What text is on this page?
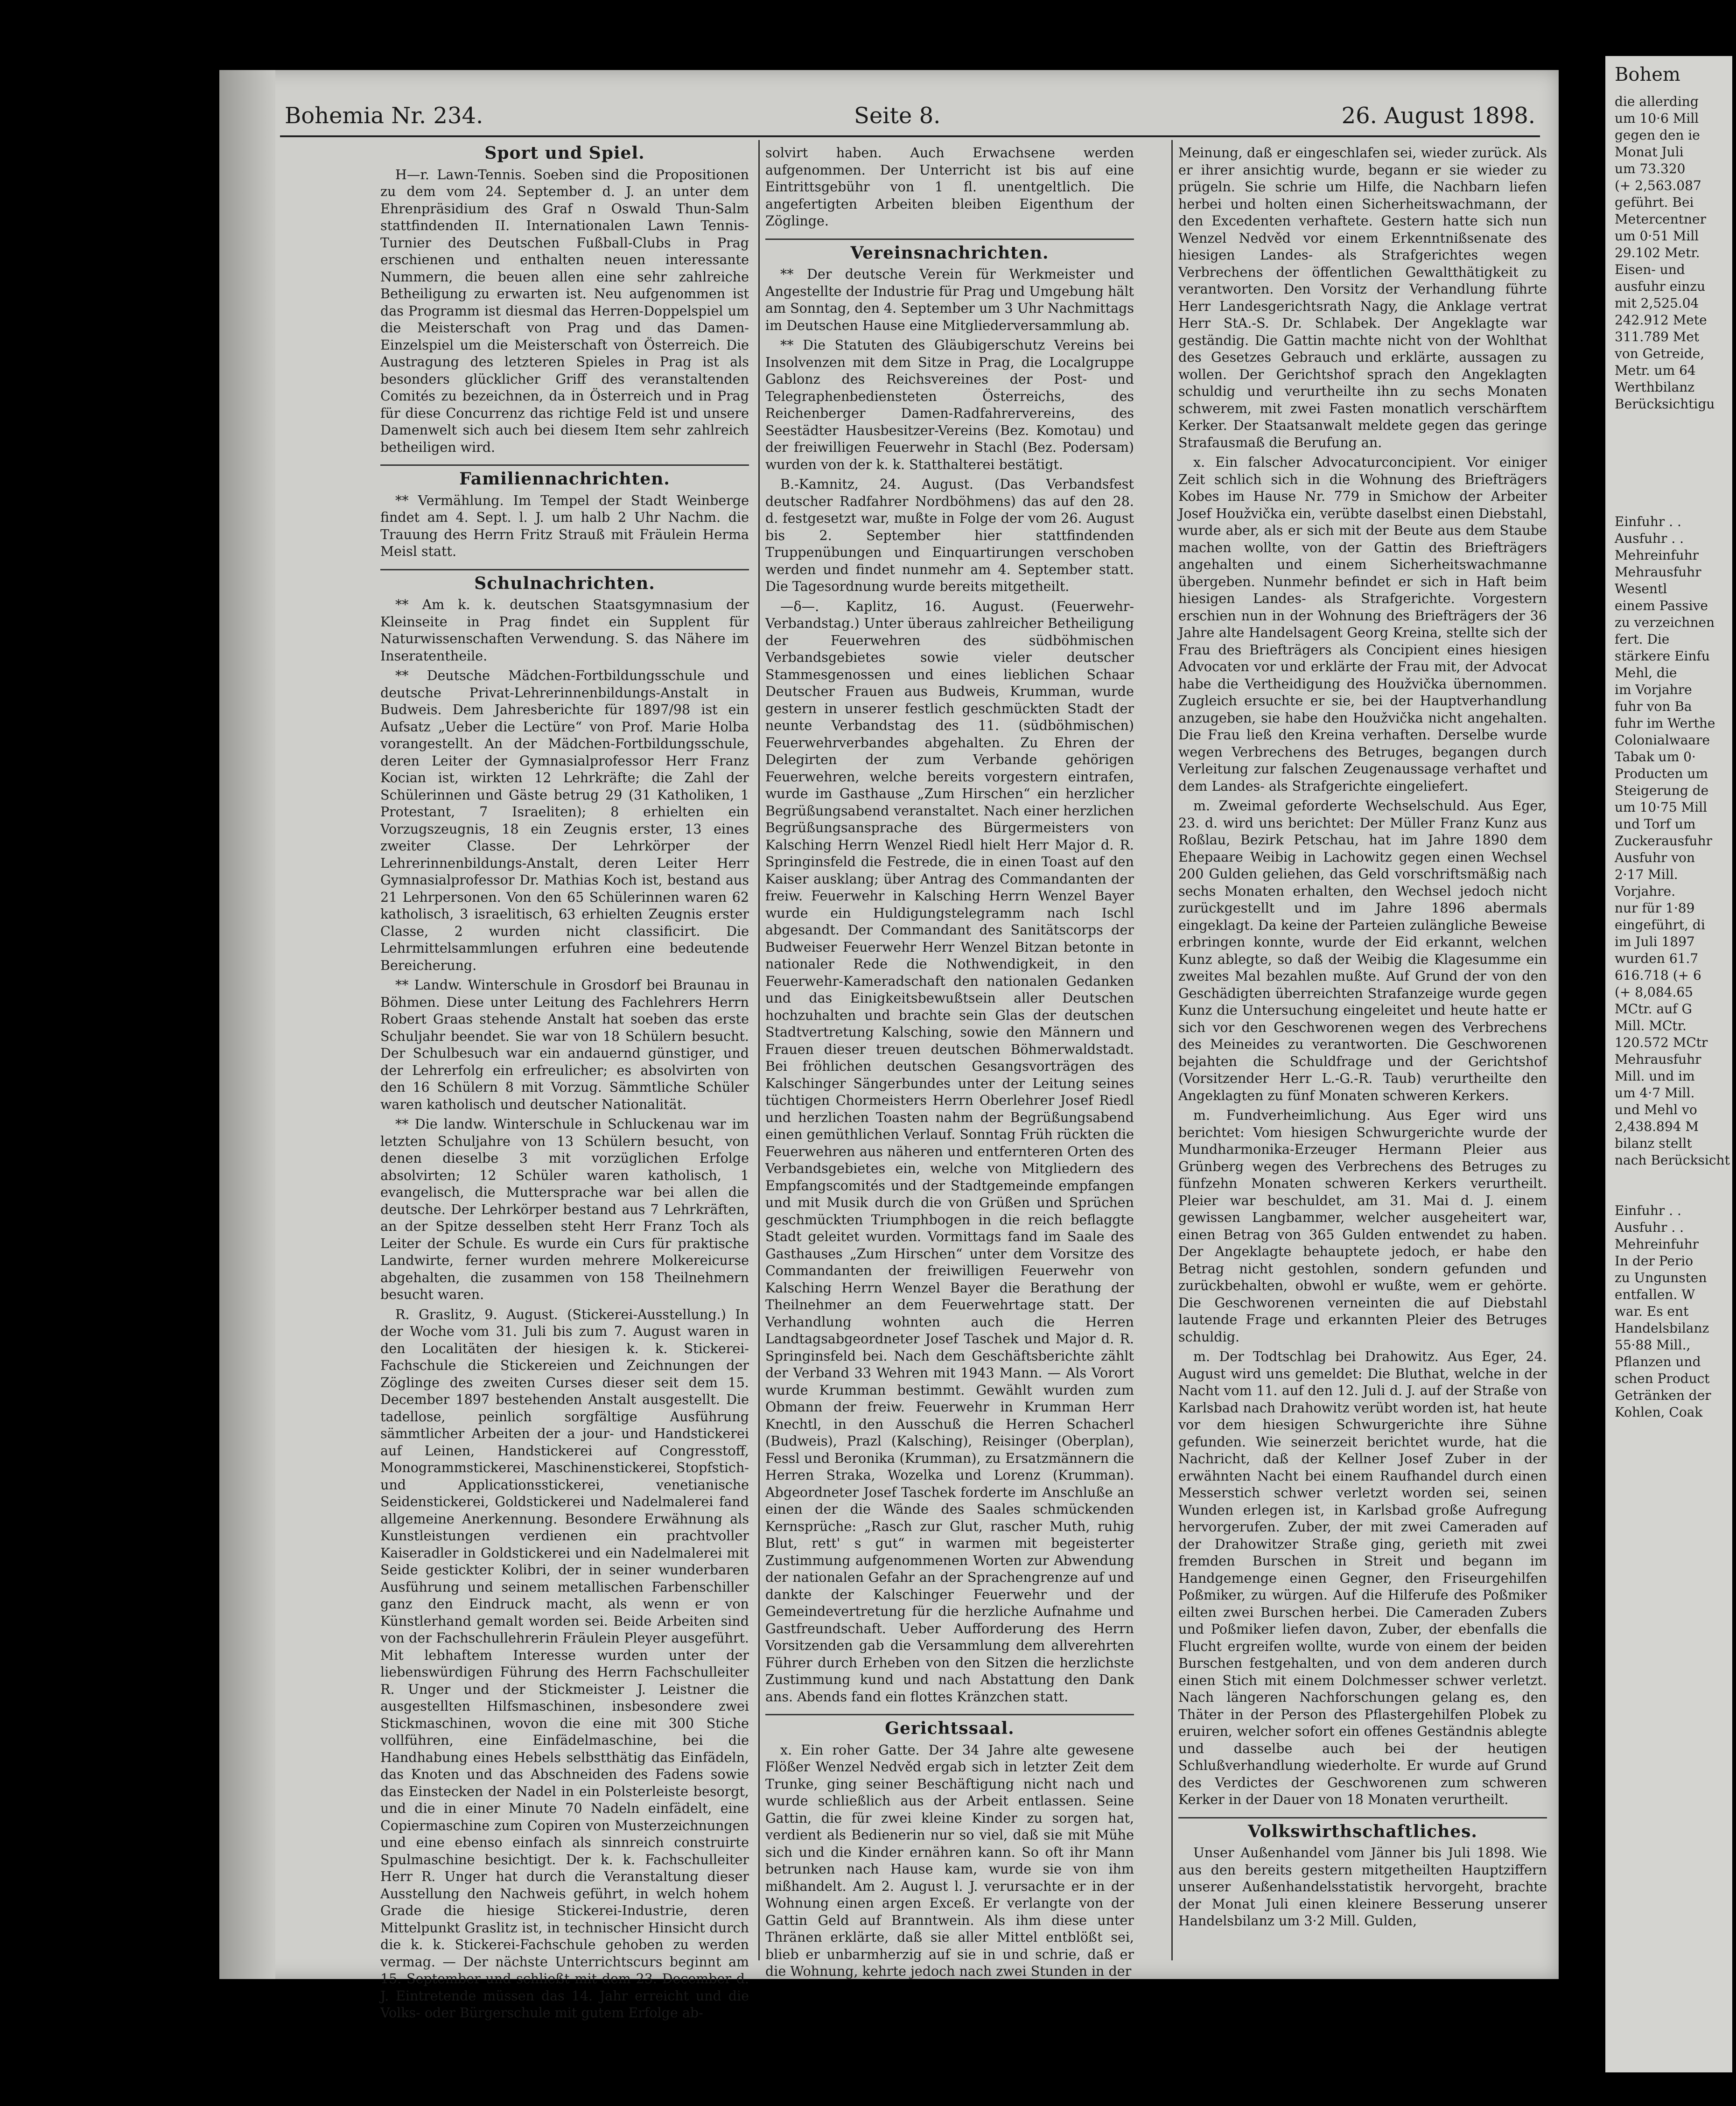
Bohemia Nr. 234.	Seite 8.	26. August 1898.
Sport und Spiel.

H—r. Lawn-Tennis. Soeben sind die Propositionen zu dem vom 24. September d. J. an unter dem Ehrenpräsidium des Graf n Oswald Thun-Salm stattfindenden II. Internationalen Lawn Tennis-Turnier des Deutschen Fußball-Clubs in Prag erschienen und enthalten neuen interessante Nummern, die beuen allen eine sehr zahlreiche Betheiligung zu erwarten ist. Neu aufgenommen ist das Programm ist diesmal das Herren-Doppelspiel um die Meisterschaft von Prag und das Damen-Einzelspiel um die Meisterschaft von Österreich. Die Austragung des letzteren Spieles in Prag ist als besonders glücklicher Griff des veranstaltenden Comités zu bezeichnen, da in Österreich und in Prag für diese Concurrenz das richtige Feld ist und unsere Damenwelt sich auch bei diesem Item sehr zahlreich betheiligen wird.

Familiennachrichten.

** Vermählung. Im Tempel der Stadt Weinberge findet am 4. Sept. l. J. um halb 2 Uhr Nachm. die Trauung des Herrn Fritz Strauß mit Fräulein Herma Meisl statt.

Schulnachrichten.

** Am k. k. deutschen Staatsgymnasium der Kleinseite in Prag findet ein Supplent für Naturwissenschaften Verwendung. S. das Nähere im Inseratentheile.

** Deutsche Mädchen-Fortbildungsschule und deutsche Privat-Lehrerinnenbildungs-Anstalt in Budweis. Dem Jahresberichte für 1897/98 ist ein Aufsatz „Ueber die Lectüre“ von Prof. Marie Holba vorangestellt. An der Mädchen-Fortbildungsschule, deren Leiter der Gymnasialprofessor Herr Franz Kocian ist, wirkten 12 Lehrkräfte; die Zahl der Schülerinnen und Gäste betrug 29 (31 Katholiken, 1 Protestant, 7 Israeliten); 8 erhielten ein Vorzugszeugnis, 18 ein Zeugnis erster, 13 eines zweiter Classe. Der Lehrkörper der Lehrerinnenbildungs-Anstalt, deren Leiter Herr Gymnasialprofessor Dr. Mathias Koch ist, bestand aus 21 Lehrpersonen. Von den 65 Schülerinnen waren 62 katholisch, 3 israelitisch, 63 erhielten Zeugnis erster Classe, 2 wurden nicht classificirt. Die Lehrmittelsammlungen erfuhren eine bedeutende Bereicherung.

** Landw. Winterschule in Grosdorf bei Braunau in Böhmen. Diese unter Leitung des Fachlehrers Herrn Robert Graas stehende Anstalt hat soeben das erste Schuljahr beendet. Sie war von 18 Schülern besucht. Der Schulbesuch war ein andauernd günstiger, und der Lehrerfolg ein erfreulicher; es absolvirten von den 16 Schülern 8 mit Vorzug. Sämmtliche Schüler waren katholisch und deutscher Nationalität.

** Die landw. Winterschule in Schluckenau war im letzten Schuljahre von 13 Schülern besucht, von denen dieselbe 3 mit vorzüglichen Erfolge absolvirten; 12 Schüler waren katholisch, 1 evangelisch, die Muttersprache war bei allen die deutsche. Der Lehrkörper bestand aus 7 Lehrkräften, an der Spitze desselben steht Herr Franz Toch als Leiter der Schule. Es wurde ein Curs für praktische Landwirte, ferner wurden mehrere Molkereicurse abgehalten, die zusammen von 158 Theilnehmern besucht waren.

R. Graslitz, 9. August. (Stickerei-Ausstellung.) In der Woche vom 31. Juli bis zum 7. August waren in den Localitäten der hiesigen k. k. Stickerei-Fachschule die Stickereien und Zeichnungen der Zöglinge des zweiten Curses dieser seit dem 15. December 1897 bestehenden Anstalt ausgestellt. Die tadellose, peinlich sorgfältige Ausführung sämmtlicher Arbeiten der a jour- und Handstickerei auf Leinen, Handstickerei auf Congresstoff, Monogrammstickerei, Maschinenstickerei, Stopfstich- und Applicationsstickerei, venetianische Seidenstickerei, Goldstickerei und Nadelmalerei fand allgemeine Anerkennung. Besondere Erwähnung als Kunstleistungen verdienen ein prachtvoller Kaiseradler in Goldstickerei und ein Nadelmalerei mit Seide gestickter Kolibri, der in seiner wunderbaren Ausführung und seinem metallischen Farbenschiller ganz den Eindruck macht, als wenn er von Künstlerhand gemalt worden sei. Beide Arbeiten sind von der Fachschullehrerin Fräulein Pleyer ausgeführt. Mit lebhaftem Interesse wurden unter der liebenswürdigen Führung des Herrn Fachschulleiter R. Unger und der Stickmeister J. Leistner die ausgestellten Hilfsmaschinen, insbesondere zwei Stickmaschinen, wovon die eine mit 300 Stiche vollführen, eine Einfädelmaschine, bei die Handhabung eines Hebels selbstthätig das Einfädeln, das Knoten und das Abschneiden des Fadens sowie das Einstecken der Nadel in ein Polsterleiste besorgt, und die in einer Minute 70 Nadeln einfädelt, eine Copiermaschine zum Copiren von Musterzeichnungen und eine ebenso einfach als sinnreich construirte Spulmaschine besichtigt. Der k. k. Fachschulleiter Herr R. Unger hat durch die Veranstaltung dieser Ausstellung den Nachweis geführt, in welch hohem Grade die hiesige Stickerei-Industrie, deren Mittelpunkt Graslitz ist, in technischer Hinsicht durch die k. k. Stickerei-Fachschule gehoben zu werden vermag. — Der nächste Unterrichtscurs beginnt am 15. September und schließt mit dem 23. December d. J. Eintretende müssen das 14. Jahr erreicht und die Volks- oder Bürgerschule mit gutem Erfolge ab-

solvirt haben. Auch Erwachsene werden aufgenommen. Der Unterricht ist bis auf eine Eintrittsgebühr von 1 fl. unentgeltlich. Die angefertigten Arbeiten bleiben Eigenthum der Zöglinge.

Vereinsnachrichten.

** Der deutsche Verein für Werkmeister und Angestellte der Industrie für Prag und Umgebung hält am Sonntag, den 4. September um 3 Uhr Nachmittags im Deutschen Hause eine Mitgliederversammlung ab.

** Die Statuten des Gläubigerschutz Vereins bei Insolvenzen mit dem Sitze in Prag, die Localgruppe Gablonz des Reichsvereines der Post- und Telegraphenbediensteten Österreichs, des Reichenberger Damen-Radfahrervereins, des Seestädter Hausbesitzer-Vereins (Bez. Komotau) und der freiwilligen Feuerwehr in Stachl (Bez. Podersam) wurden von der k. k. Statthalterei bestätigt.

B.-Kamnitz, 24. August. (Das Verbandsfest deutscher Radfahrer Nordböhmens) das auf den 28. d. festgesetzt war, mußte in Folge der vom 26. August bis 2. September hier stattfindenden Truppenübungen und Einquartirungen verschoben werden und findet nunmehr am 4. September statt. Die Tagesordnung wurde bereits mitgetheilt.

—δ—. Kaplitz, 16. August. (Feuerwehr-Verbandstag.) Unter überaus zahlreicher Betheiligung der Feuerwehren des südböhmischen Verbandsgebietes sowie vieler deutscher Stammesgenossen und eines lieblichen Schaar Deutscher Frauen aus Budweis, Krumman, wurde gestern in unserer festlich geschmückten Stadt der neunte Verbandstag des 11. (südböhmischen) Feuerwehrverbandes abgehalten. Zu Ehren der Delegirten der zum Verbande gehörigen Feuerwehren, welche bereits vorgestern eintrafen, wurde im Gasthause „Zum Hirschen“ ein herzlicher Begrüßungsabend veranstaltet. Nach einer herzlichen Begrüßungsansprache des Bürgermeisters von Kalsching Herrn Wenzel Riedl hielt Herr Major d. R. Springinsfeld die Festrede, die in einen Toast auf den Kaiser ausklang; über Antrag des Commandanten der freiw. Feuerwehr in Kalsching Herrn Wenzel Bayer wurde ein Huldigungstelegramm nach Ischl abgesandt. Der Commandant des Sanitätscorps der Budweiser Feuerwehr Herr Wenzel Bitzan betonte in nationaler Rede die Nothwendigkeit, in den Feuerwehr-Kameradschaft den nationalen Gedanken und das Einigkeitsbewußtsein aller Deutschen hochzuhalten und brachte sein Glas der deutschen Stadtvertretung Kalsching, sowie den Männern und Frauen dieser treuen deutschen Böhmerwaldstadt. Bei fröhlichen deutschen Gesangsvorträgen des Kalschinger Sängerbundes unter der Leitung seines tüchtigen Chormeisters Herrn Oberlehrer Josef Riedl und herzlichen Toasten nahm der Begrüßungsabend einen gemüthlichen Verlauf. Sonntag Früh rückten die Feuerwehren aus näheren und entfernteren Orten des Verbandsgebietes ein, welche von Mitgliedern des Empfangscomités und der Stadtgemeinde empfangen und mit Musik durch die von Grüßen und Sprüchen geschmückten Triumphbogen in die reich beflaggte Stadt geleitet wurden. Vormittags fand im Saale des Gasthauses „Zum Hirschen“ unter dem Vorsitze des Commandanten der freiwilligen Feuerwehr von Kalsching Herrn Wenzel Bayer die Berathung der Theilnehmer an dem Feuerwehrtage statt. Der Verhandlung wohnten auch die Herren Landtagsabgeordneter Josef Taschek und Major d. R. Springinsfeld bei. Nach dem Geschäftsberichte zählt der Verband 33 Wehren mit 1943 Mann. — Als Vorort wurde Krumman bestimmt. Gewählt wurden zum Obmann der freiw. Feuerwehr in Krumman Herr Knechtl, in den Ausschuß die Herren Schacherl (Budweis), Prazl (Kalsching), Reisinger (Oberplan), Fessl und Beronika (Krumman), zu Ersatzmännern die Herren Straka, Wozelka und Lorenz (Krumman). Abgeordneter Josef Taschek forderte im Anschluße an einen der die Wände des Saales schmückenden Kernsprüche: „Rasch zur Glut, rascher Muth, ruhig Blut, rett' s gut“ in warmen mit begeisterter Zustimmung aufgenommenen Worten zur Abwendung der nationalen Gefahr an der Sprachengrenze auf und dankte der Kalschinger Feuerwehr und der Gemeindevertretung für die herzliche Aufnahme und Gastfreundschaft. Ueber Aufforderung des Herrn Vorsitzenden gab die Versammlung dem allverehrten Führer durch Erheben von den Sitzen die herzlichste Zustimmung kund und nach Abstattung den Dank ans. Abends fand ein flottes Kränzchen statt.

Gerichtssaal.

x. Ein roher Gatte. Der 34 Jahre alte gewesene Flößer Wenzel Nedvěd ergab sich in letzter Zeit dem Trunke, ging seiner Beschäftigung nicht nach und wurde schließlich aus der Arbeit entlassen. Seine Gattin, die für zwei kleine Kinder zu sorgen hat, verdient als Bedienerin nur so viel, daß sie mit Mühe sich und die Kinder ernähren kann. So oft ihr Mann betrunken nach Hause kam, wurde sie von ihm mißhandelt. Am 2. August l. J. verursachte er in der Wohnung einen argen Exceß. Er verlangte von der Gattin Geld auf Branntwein. Als ihm diese unter Thränen erklärte, daß sie aller Mittel entblößt sei, blieb er unbarmherzig auf sie in und schrie, daß er die Wohnung, kehrte jedoch nach zwei Stunden in der

Meinung, daß er eingeschlafen sei, wieder zurück. Als er ihrer ansichtig wurde, begann er sie wieder zu prügeln. Sie schrie um Hilfe, die Nachbarn liefen herbei und holten einen Sicherheitswachmann, der den Excedenten verhaftete. Gestern hatte sich nun Wenzel Nedvěd vor einem Erkenntnißsenate des hiesigen Landes- als Strafgerichtes wegen Verbrechens der öffentlichen Gewaltthätigkeit zu verantworten. Den Vorsitz der Verhandlung führte Herr Landesgerichtsrath Nagy, die Anklage vertrat Herr StA.-S. Dr. Schlabek. Der Angeklagte war geständig. Die Gattin machte nicht von der Wohlthat des Gesetzes Gebrauch und erklärte, aussagen zu wollen. Der Gerichtshof sprach den Angeklagten schuldig und verurtheilte ihn zu sechs Monaten schwerem, mit zwei Fasten monatlich verschärftem Kerker. Der Staatsanwalt meldete gegen das geringe Strafausmaß die Berufung an.

x. Ein falscher Advocaturconcipient. Vor einiger Zeit schlich sich in die Wohnung des Briefträgers Kobes im Hause Nr. 779 in Smichow der Arbeiter Josef Houžvička ein, verübte daselbst einen Diebstahl, wurde aber, als er sich mit der Beute aus dem Staube machen wollte, von der Gattin des Briefträgers angehalten und einem Sicherheitswachmanne übergeben. Nunmehr befindet er sich in Haft beim hiesigen Landes- als Strafgerichte. Vorgestern erschien nun in der Wohnung des Briefträgers der 36 Jahre alte Handelsagent Georg Kreina, stellte sich der Frau des Briefträgers als Concipient eines hiesigen Advocaten vor und erklärte der Frau mit, der Advocat habe die Vertheidigung des Houžvička übernommen. Zugleich ersuchte er sie, bei der Hauptverhandlung anzugeben, sie habe den Houžvička nicht angehalten. Die Frau ließ den Kreina verhaften. Derselbe wurde wegen Verbrechens des Betruges, begangen durch Verleitung zur falschen Zeugenaussage verhaftet und dem Landes- als Strafgerichte eingeliefert.

m. Zweimal geforderte Wechselschuld. Aus Eger, 23. d. wird uns berichtet: Der Müller Franz Kunz aus Roßlau, Bezirk Petschau, hat im Jahre 1890 dem Ehepaare Weibig in Lachowitz gegen einen Wechsel 200 Gulden geliehen, das Geld vorschriftsmäßig nach sechs Monaten erhalten, den Wechsel jedoch nicht zurückgestellt und im Jahre 1896 abermals eingeklagt. Da keine der Parteien zulängliche Beweise erbringen konnte, wurde der Eid erkannt, welchen Kunz ablegte, so daß der Weibig die Klagesumme ein zweites Mal bezahlen mußte. Auf Grund der von den Geschädigten überreichten Strafanzeige wurde gegen Kunz die Untersuchung eingeleitet und heute hatte er sich vor den Geschworenen wegen des Verbrechens des Meineides zu verantworten. Die Geschworenen bejahten die Schuldfrage und der Gerichtshof (Vorsitzender Herr L.-G.-R. Taub) verurtheilte den Angeklagten zu fünf Monaten schweren Kerkers.

m. Fundverheimlichung. Aus Eger wird uns berichtet: Vom hiesigen Schwurgerichte wurde der Mundharmonika-Erzeuger Hermann Pleier aus Grünberg wegen des Verbrechens des Betruges zu fünfzehn Monaten schweren Kerkers verurtheilt. Pleier war beschuldet, am 31. Mai d. J. einem gewissen Langbammer, welcher ausgeheitert war, einen Betrag von 365 Gulden entwendet zu haben. Der Angeklagte behauptete jedoch, er habe den Betrag nicht gestohlen, sondern gefunden und zurückbehalten, obwohl er wußte, wem er gehörte. Die Geschworenen verneinten die auf Diebstahl lautende Frage und erkannten Pleier des Betruges schuldig.

m. Der Todtschlag bei Drahowitz. Aus Eger, 24. August wird uns gemeldet: Die Bluthat, welche in der Nacht vom 11. auf den 12. Juli d. J. auf der Straße von Karlsbad nach Drahowitz verübt worden ist, hat heute vor dem hiesigen Schwurgerichte ihre Sühne gefunden. Wie seinerzeit berichtet wurde, hat die Nachricht, daß der Kellner Josef Zuber in der erwähnten Nacht bei einem Raufhandel durch einen Messerstich schwer verletzt worden sei, seinen Wunden erlegen ist, in Karlsbad große Aufregung hervorgerufen. Zuber, der mit zwei Cameraden auf der Drahowitzer Straße ging, gerieth mit zwei fremden Burschen in Streit und begann im Handgemenge einen Gegner, den Friseurgehilfen Poßmiker, zu würgen. Auf die Hilferufe des Poßmiker eilten zwei Burschen herbei. Die Cameraden Zubers und Poßmiker liefen davon, Zuber, der ebenfalls die Flucht ergreifen wollte, wurde von einem der beiden Burschen festgehalten, und von dem anderen durch einen Stich mit einem Dolchmesser schwer verletzt. Nach längeren Nachforschungen gelang es, den Thäter in der Person des Pflastergehilfen Plobek zu eruiren, welcher sofort ein offenes Geständnis ablegte und dasselbe auch bei der heutigen Schlußverhandlung wiederholte. Er wurde auf Grund des Verdictes der Geschworenen zum schweren Kerker in der Dauer von 18 Monaten verurtheilt.

Volkswirthschaftliches.

Unser Außenhandel vom Jänner bis Juli 1898. Wie aus den bereits gestern mitgetheilten Hauptziffern unserer Außenhandelsstatistik hervorgeht, brachte der Monat Juli einen kleinere Besserung unserer Handelsbilanz um 3·2 Mill. Gulden,

Bohem
die allerding
um 10·6 Mill
gegen den ie
Monat Juli
um 73.320
(+ 2,563.087
geführt. Bei
Metercentner
um 0·51 Mill
29.102 Metr.
Eisen- und
ausfuhr einzu
mit 2,525.04
242.912 Mete
311.789 Met
von Getreide,
Metr. um 64
Werthbilanz
Berücksichtigu

Einfuhr . .
Ausfuhr . .
Mehreinfuhr
Mehrausfuhr
Wesentl
einem Passive
zu verzeichnen
fert. Die
stärkere Einfu
Mehl, die
im Vorjahre
fuhr von Ba
fuhr im Werthe
Colonialwaare
Tabak um 0·
Producten um
Steigerung de
um 10·75 Mill
und Torf um
Zuckerausfuhr
Ausfuhr von
2·17 Mill.
Vorjahre.
nur für 1·89
eingeführt, di
im Juli 1897
wurden 61.7
616.718 (+ 6
(+ 8,084.65
MCtr. auf G
Mill. MCtr.
120.572 MCtr
Mehrausfuhr
Mill. und im
um 4·7 Mill.
und Mehl vo
2,438.894 M
bilanz stellt
nach Berücksicht

Einfuhr . .
Ausfuhr . .
Mehreinfuhr
In der Perio
zu Ungunsten
entfallen. W
war. Es ent
Handelsbilanz
55·88 Mill.,
Pflanzen und
schen Product
Getränken der
Kohlen, Coak
